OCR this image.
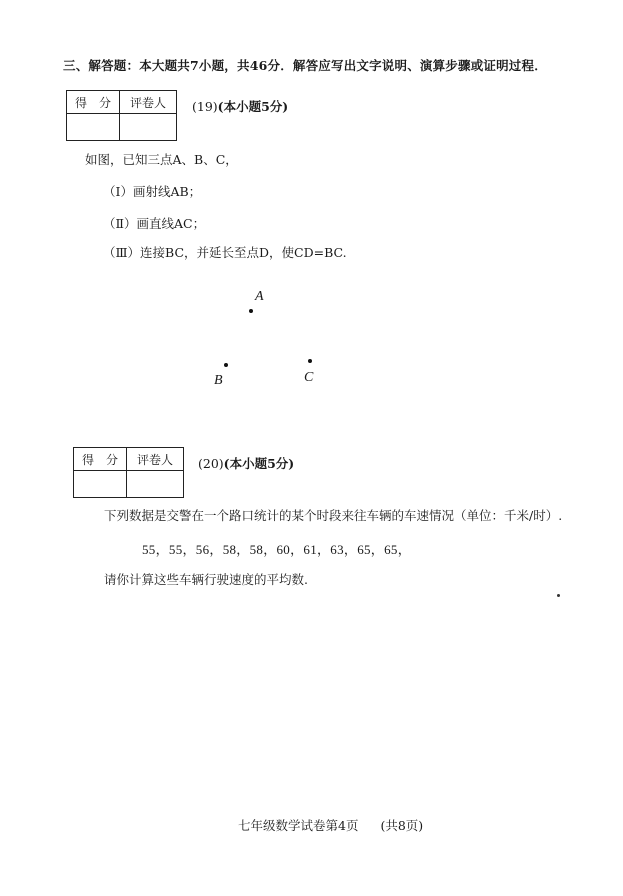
三、解答题：本大题共7小题，共46分．解答应写出文字说明、演算步骤或证明过程．
得　分	评卷人
	(19)(本小题5分)
如图，已知三点A、B、C，
（Ⅰ）画射线AB；
（Ⅱ）画直线AC；
（Ⅲ）连接BC，并延长至点D，使CD=BC.
A
B	C
得　分	评卷人
	(20)(本小题5分)
下列数据是交警在一个路口统计的某个时段来往车辆的车速情况（单位：千米/时）.
55，55，56，58，58，60，61，63，65，65，
请你计算这些车辆行驶速度的平均数.
七年级数学试卷第4页 (共8页)
